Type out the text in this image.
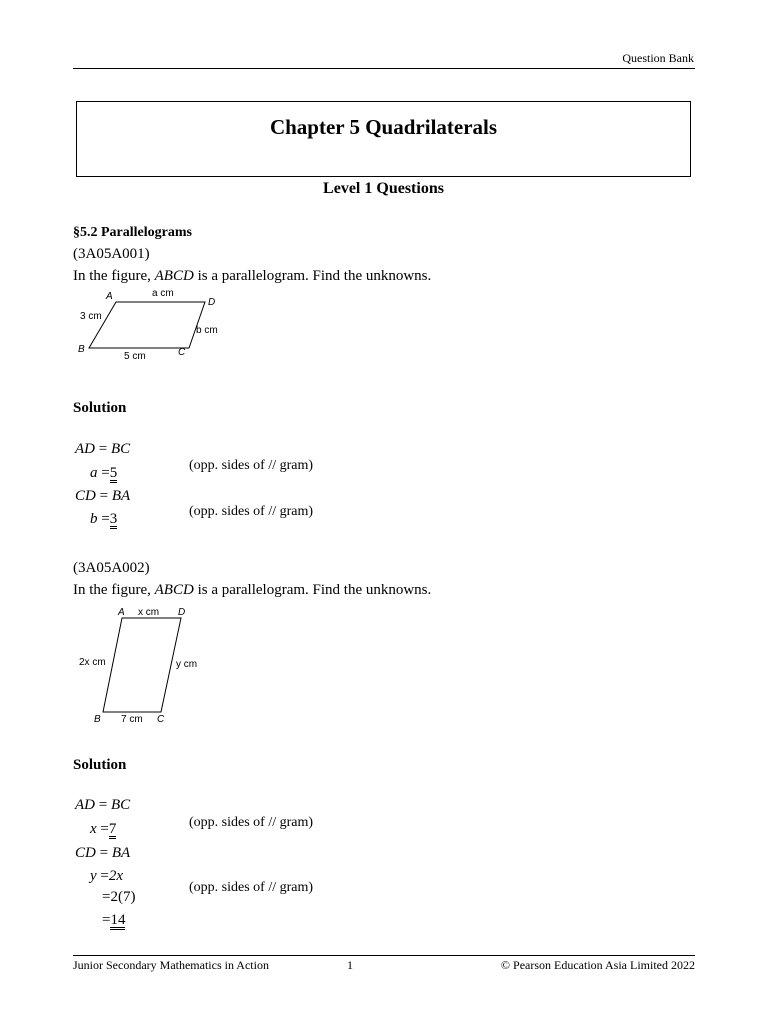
Question Bank
Chapter 5 Quadrilaterals
Level 1 Questions
§5.2 Parallelograms
(3A05A001)
In the figure, ABCD is a parallelogram. Find the unknowns.
A	a cm
D
3 cm
b cm
B	C
5 cm
Solution
AD = BC
a =5	(opp. sides of // gram)
CD = BA
b =3	(opp. sides of // gram)
(3A05A002)
In the figure, ABCD is a parallelogram. Find the unknowns.
A x cm D
2x cm	y cm
B 7 cm C
Solution
AD = BC
x =7	(opp. sides of // gram)
CD = BA
y =2x
=2(7)
(opp. sides of // gram)
=14
Junior Secondary Mathematics in Action	1	© Pearson Education Asia Limited 2022
